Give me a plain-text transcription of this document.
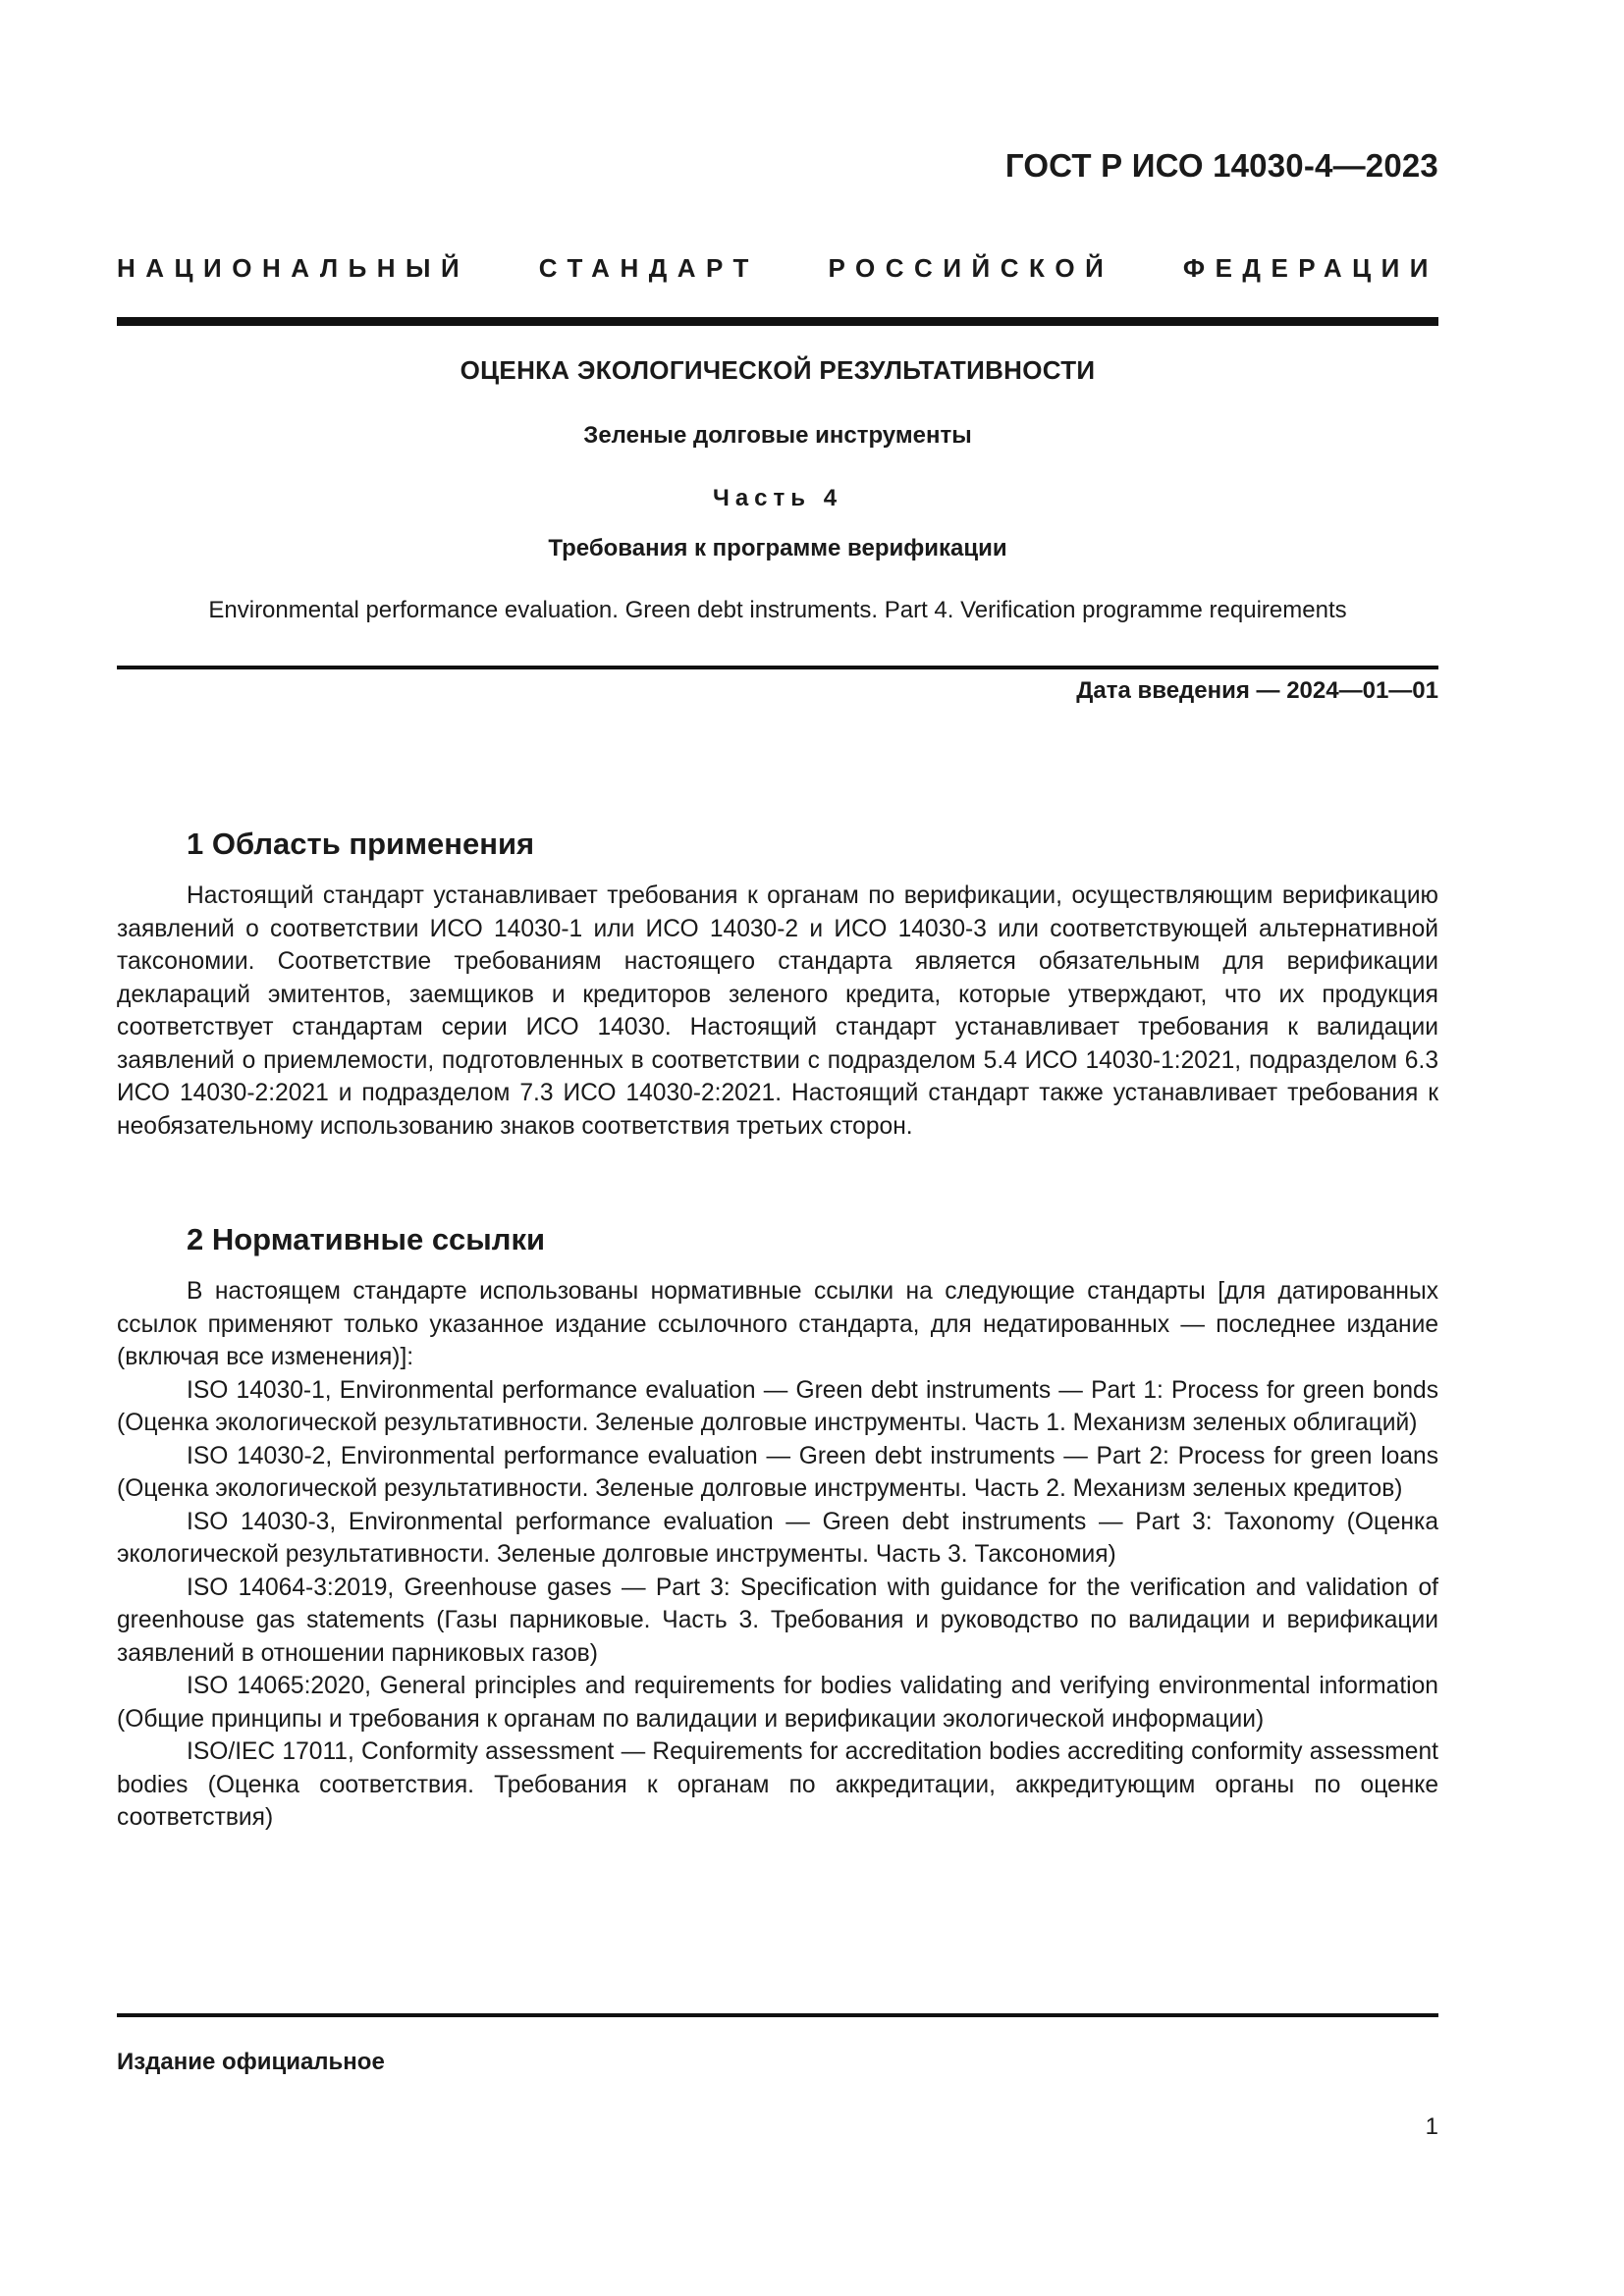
ГОСТ Р ИСО 14030-4—2023
НАЦИОНАЛЬНЫЙ СТАНДАРТ РОССИЙСКОЙ ФЕДЕРАЦИИ
ОЦЕНКА ЭКОЛОГИЧЕСКОЙ РЕЗУЛЬТАТИВНОСТИ
Зеленые долговые инструменты
Часть 4
Требования к программе верификации
Environmental performance evaluation. Green debt instruments. Part 4. Verification programme requirements
Дата введения — 2024—01—01
1 Область применения

Настоящий стандарт устанавливает требования к органам по верификации, осуществляющим верификацию заявлений о соответствии ИСО 14030-1 или ИСО 14030-2 и ИСО 14030-3 или соответствующей альтернативной таксономии. Соответствие требованиям настоящего стандарта является обязательным для верификации деклараций эмитентов, заемщиков и кредиторов зеленого кредита, которые утверждают, что их продукция соответствует стандартам серии ИСО 14030. Настоящий стандарт устанавливает требования к валидации заявлений о приемлемости, подготовленных в соответствии с подразделом 5.4 ИСО 14030-1:2021, подразделом 6.3 ИСО 14030-2:2021 и подразделом 7.3 ИСО 14030-2:2021. Настоящий стандарт также устанавливает требования к необязательному использованию знаков соответствия третьих сторон.

2 Нормативные ссылки

В настоящем стандарте использованы нормативные ссылки на следующие стандарты [для датированных ссылок применяют только указанное издание ссылочного стандарта, для недатированных — последнее издание (включая все изменения)]:

ISO 14030-1, Environmental performance evaluation — Green debt instruments — Part 1: Process for green bonds (Оценка экологической результативности. Зеленые долговые инструменты. Часть 1. Механизм зеленых облигаций)

ISO 14030-2, Environmental performance evaluation — Green debt instruments — Part 2: Process for green loans (Оценка экологической результативности. Зеленые долговые инструменты. Часть 2. Механизм зеленых кредитов)

ISO 14030-3, Environmental performance evaluation — Green debt instruments — Part 3: Taxonomy (Оценка экологической результативности. Зеленые долговые инструменты. Часть 3. Таксономия)

ISO 14064-3:2019, Greenhouse gases — Part 3: Specification with guidance for the verification and validation of greenhouse gas statements (Газы парниковые. Часть 3. Требования и руководство по валидации и верификации заявлений в отношении парниковых газов)

ISO 14065:2020, General principles and requirements for bodies validating and verifying environmental information (Общие принципы и требования к органам по валидации и верификации экологической информации)

ISO/IEC 17011, Conformity assessment — Requirements for accreditation bodies accrediting conformity assessment bodies (Оценка соответствия. Требования к органам по аккредитации, аккредитующим органы по оценке соответствия)

Издание официальное
1
